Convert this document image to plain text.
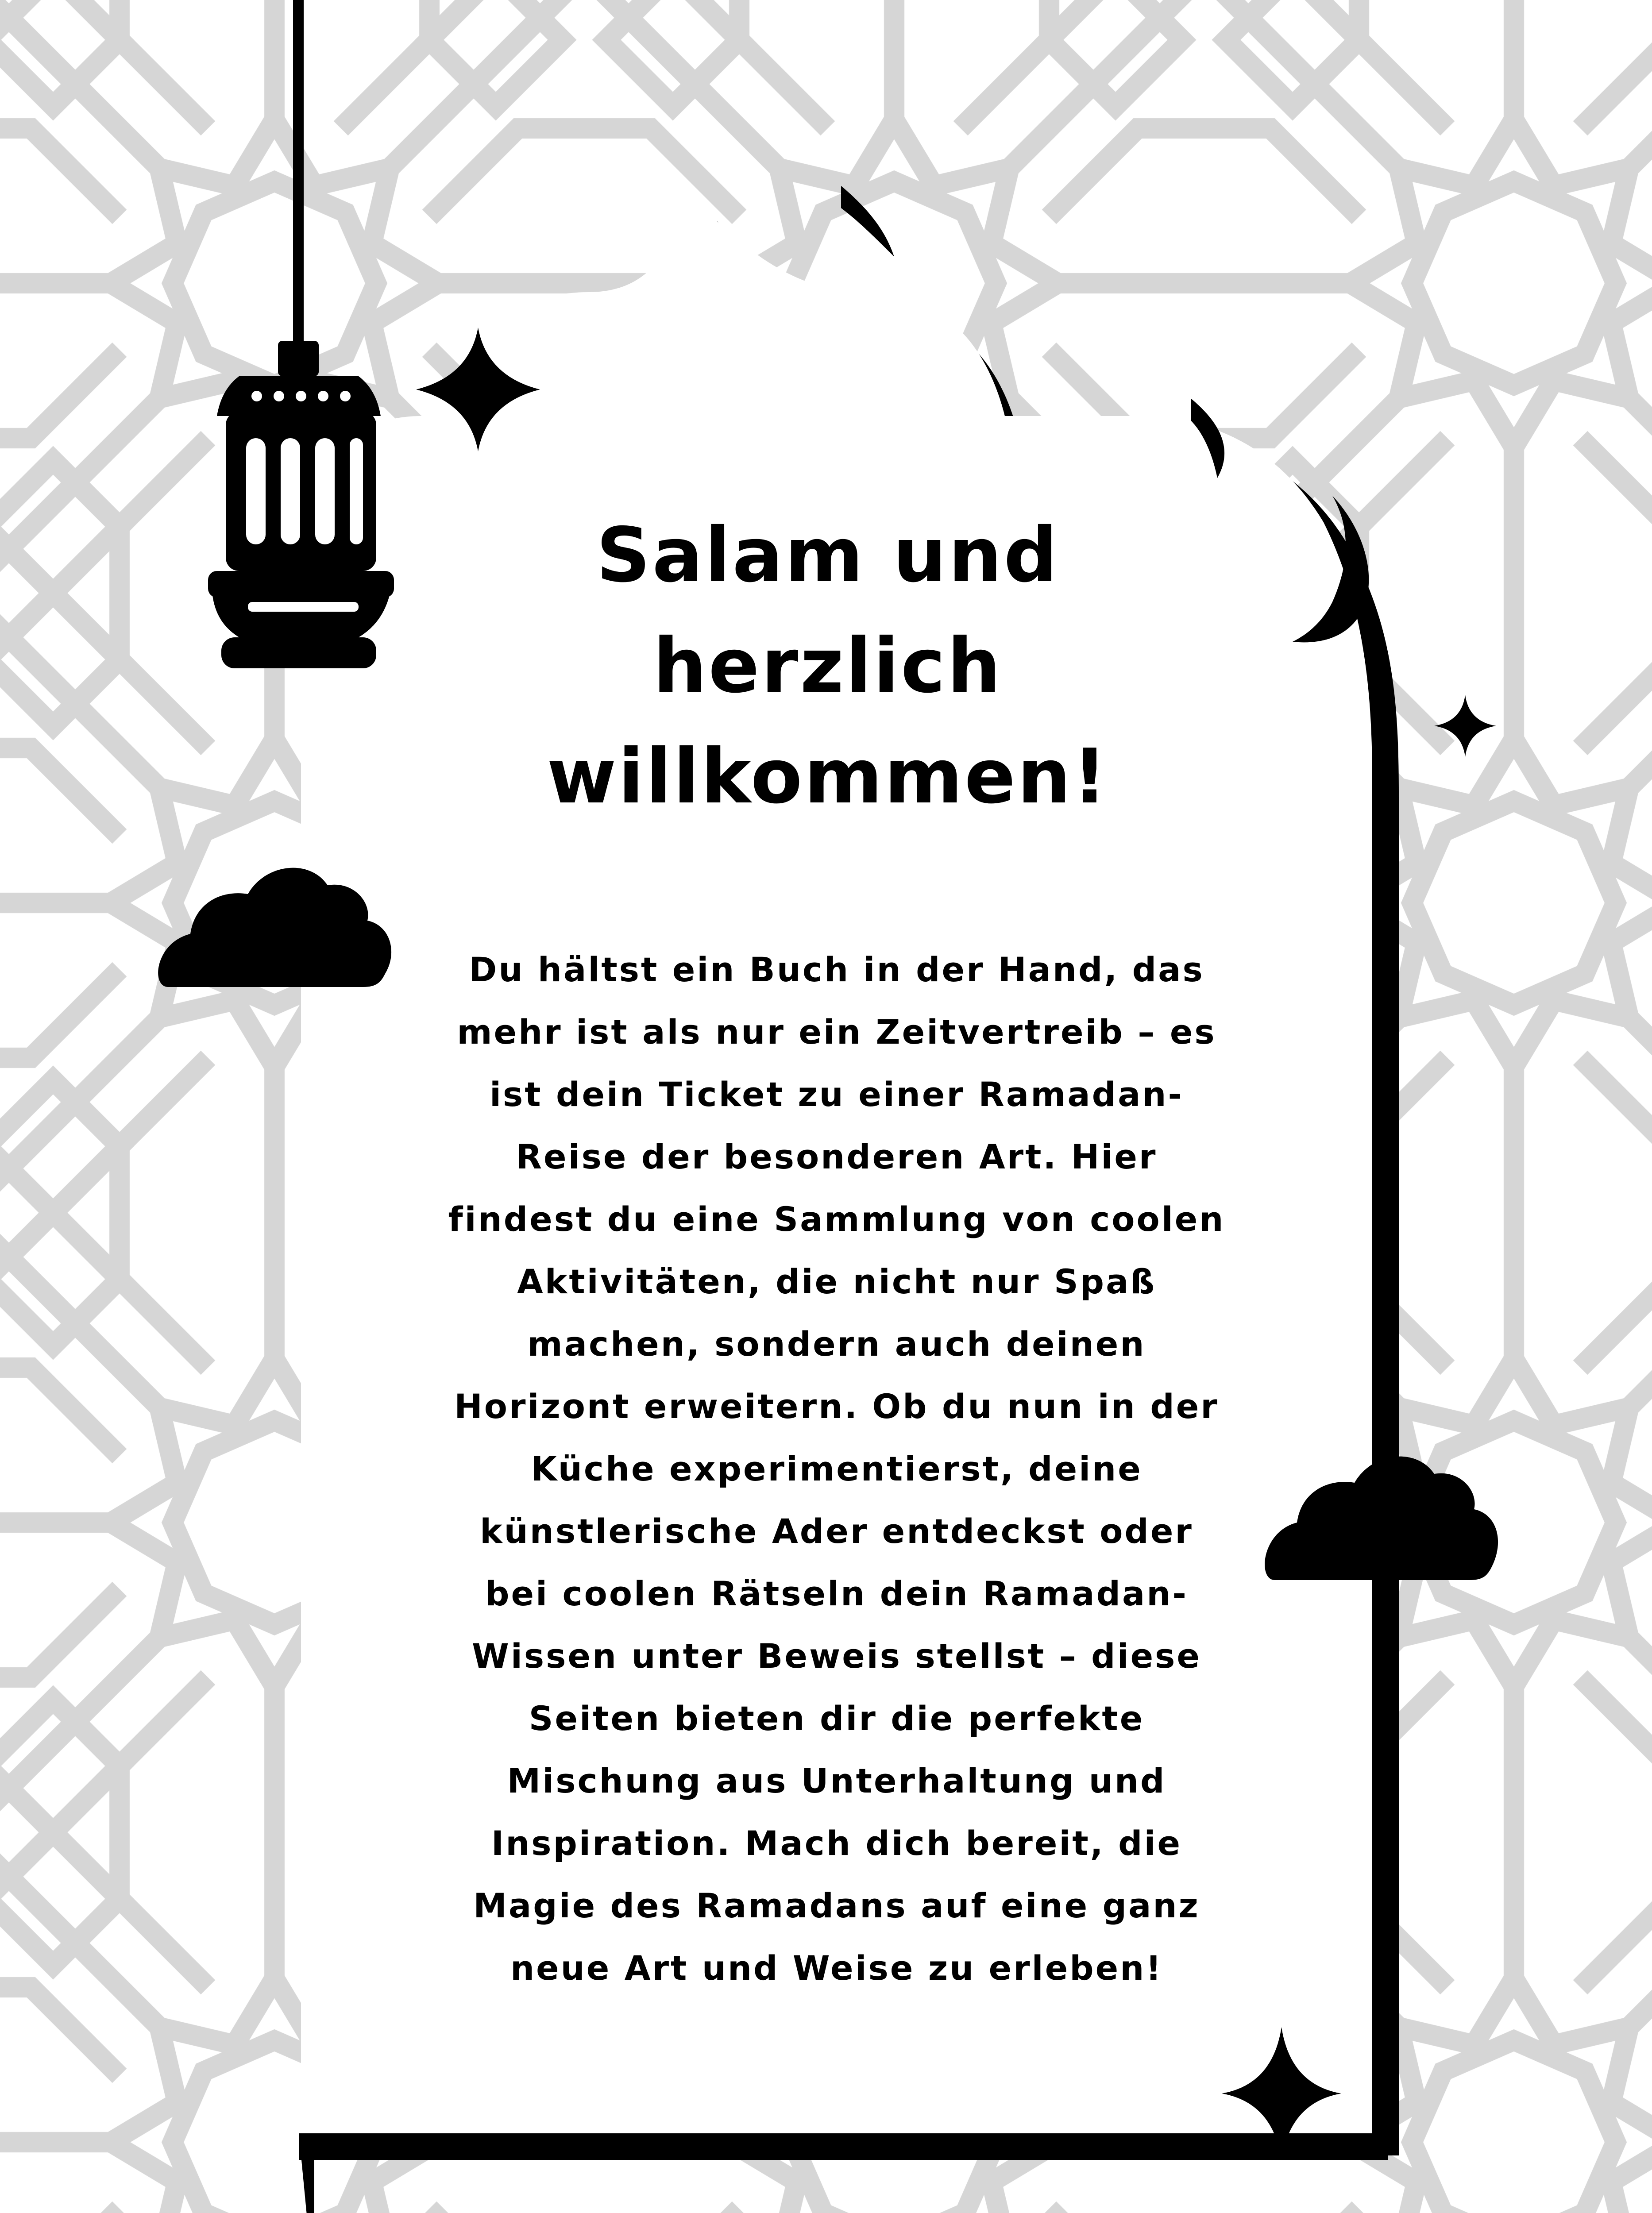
Salam und
herzlich
willkommen!
Du hältst ein Buch in der Hand, das
mehr ist als nur ein Zeitvertreib – es
ist dein Ticket zu einer Ramadan-
Reise der besonderen Art. Hier
findest du eine Sammlung von coolen
Aktivitäten, die nicht nur Spaß
machen, sondern auch deinen
Horizont erweitern. Ob du nun in der
Küche experimentierst, deine
künstlerische Ader entdeckst oder
bei coolen Rätseln dein Ramadan-
Wissen unter Beweis stellst – diese
Seiten bieten dir die perfekte
Mischung aus Unterhaltung und
Inspiration. Mach dich bereit, die
Magie des Ramadans auf eine ganz
neue Art und Weise zu erleben!
